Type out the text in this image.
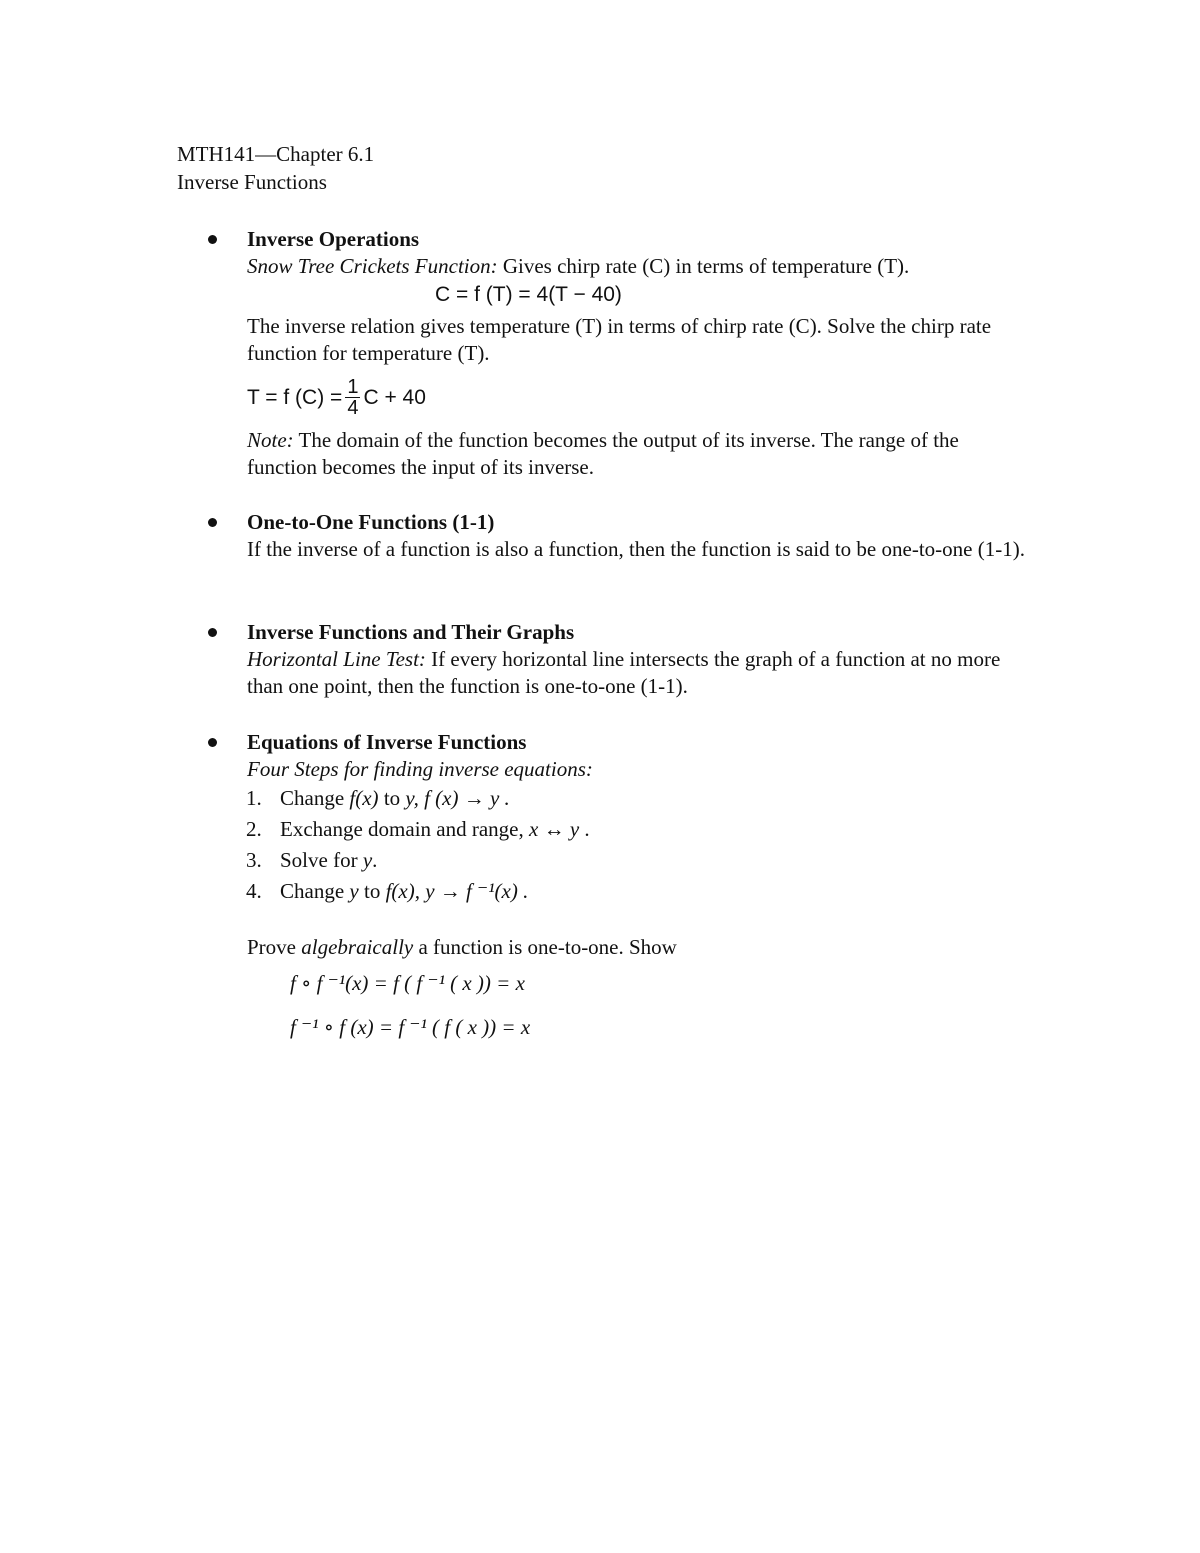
MTH141—Chapter 6.1

Inverse Functions

Inverse Operations

Snow Tree Crickets Function: Gives chirp rate (C) in terms of temperature (T).

C = f (T) = 4(T − 40)

The inverse relation gives temperature (T) in terms of chirp rate (C). Solve the chirp rate function for temperature (T).

T = f $(C) = \frac{1}{4}$ C + 40

Note: The domain of the function becomes the output of its inverse. The range of the function becomes the input of its inverse.

One-to-One Functions (1-1)

If the inverse of a function is also a function, then the function is said to be one-to-one (1-1).

Inverse Functions and Their Graphs

Horizontal Line Test: If every horizontal line intersects the graph of a function at no more than one point, then the function is one-to-one (1-1).

Equations of Inverse Functions

Four Steps for finding inverse equations:

1. Change f(x) to y, f (x) → y .
2. Exchange domain and range, x ↔ y .
3. Solve for y.
4. Change y to f(x), y → f ⁻¹(x) .

Prove algebraically a function is one-to-one. Show

f ∘ f ⁻¹(x) = f ( f ⁻¹ ( x )) = x

f ⁻¹ ∘ f (x) = f ⁻¹ ( f ( x )) = x
